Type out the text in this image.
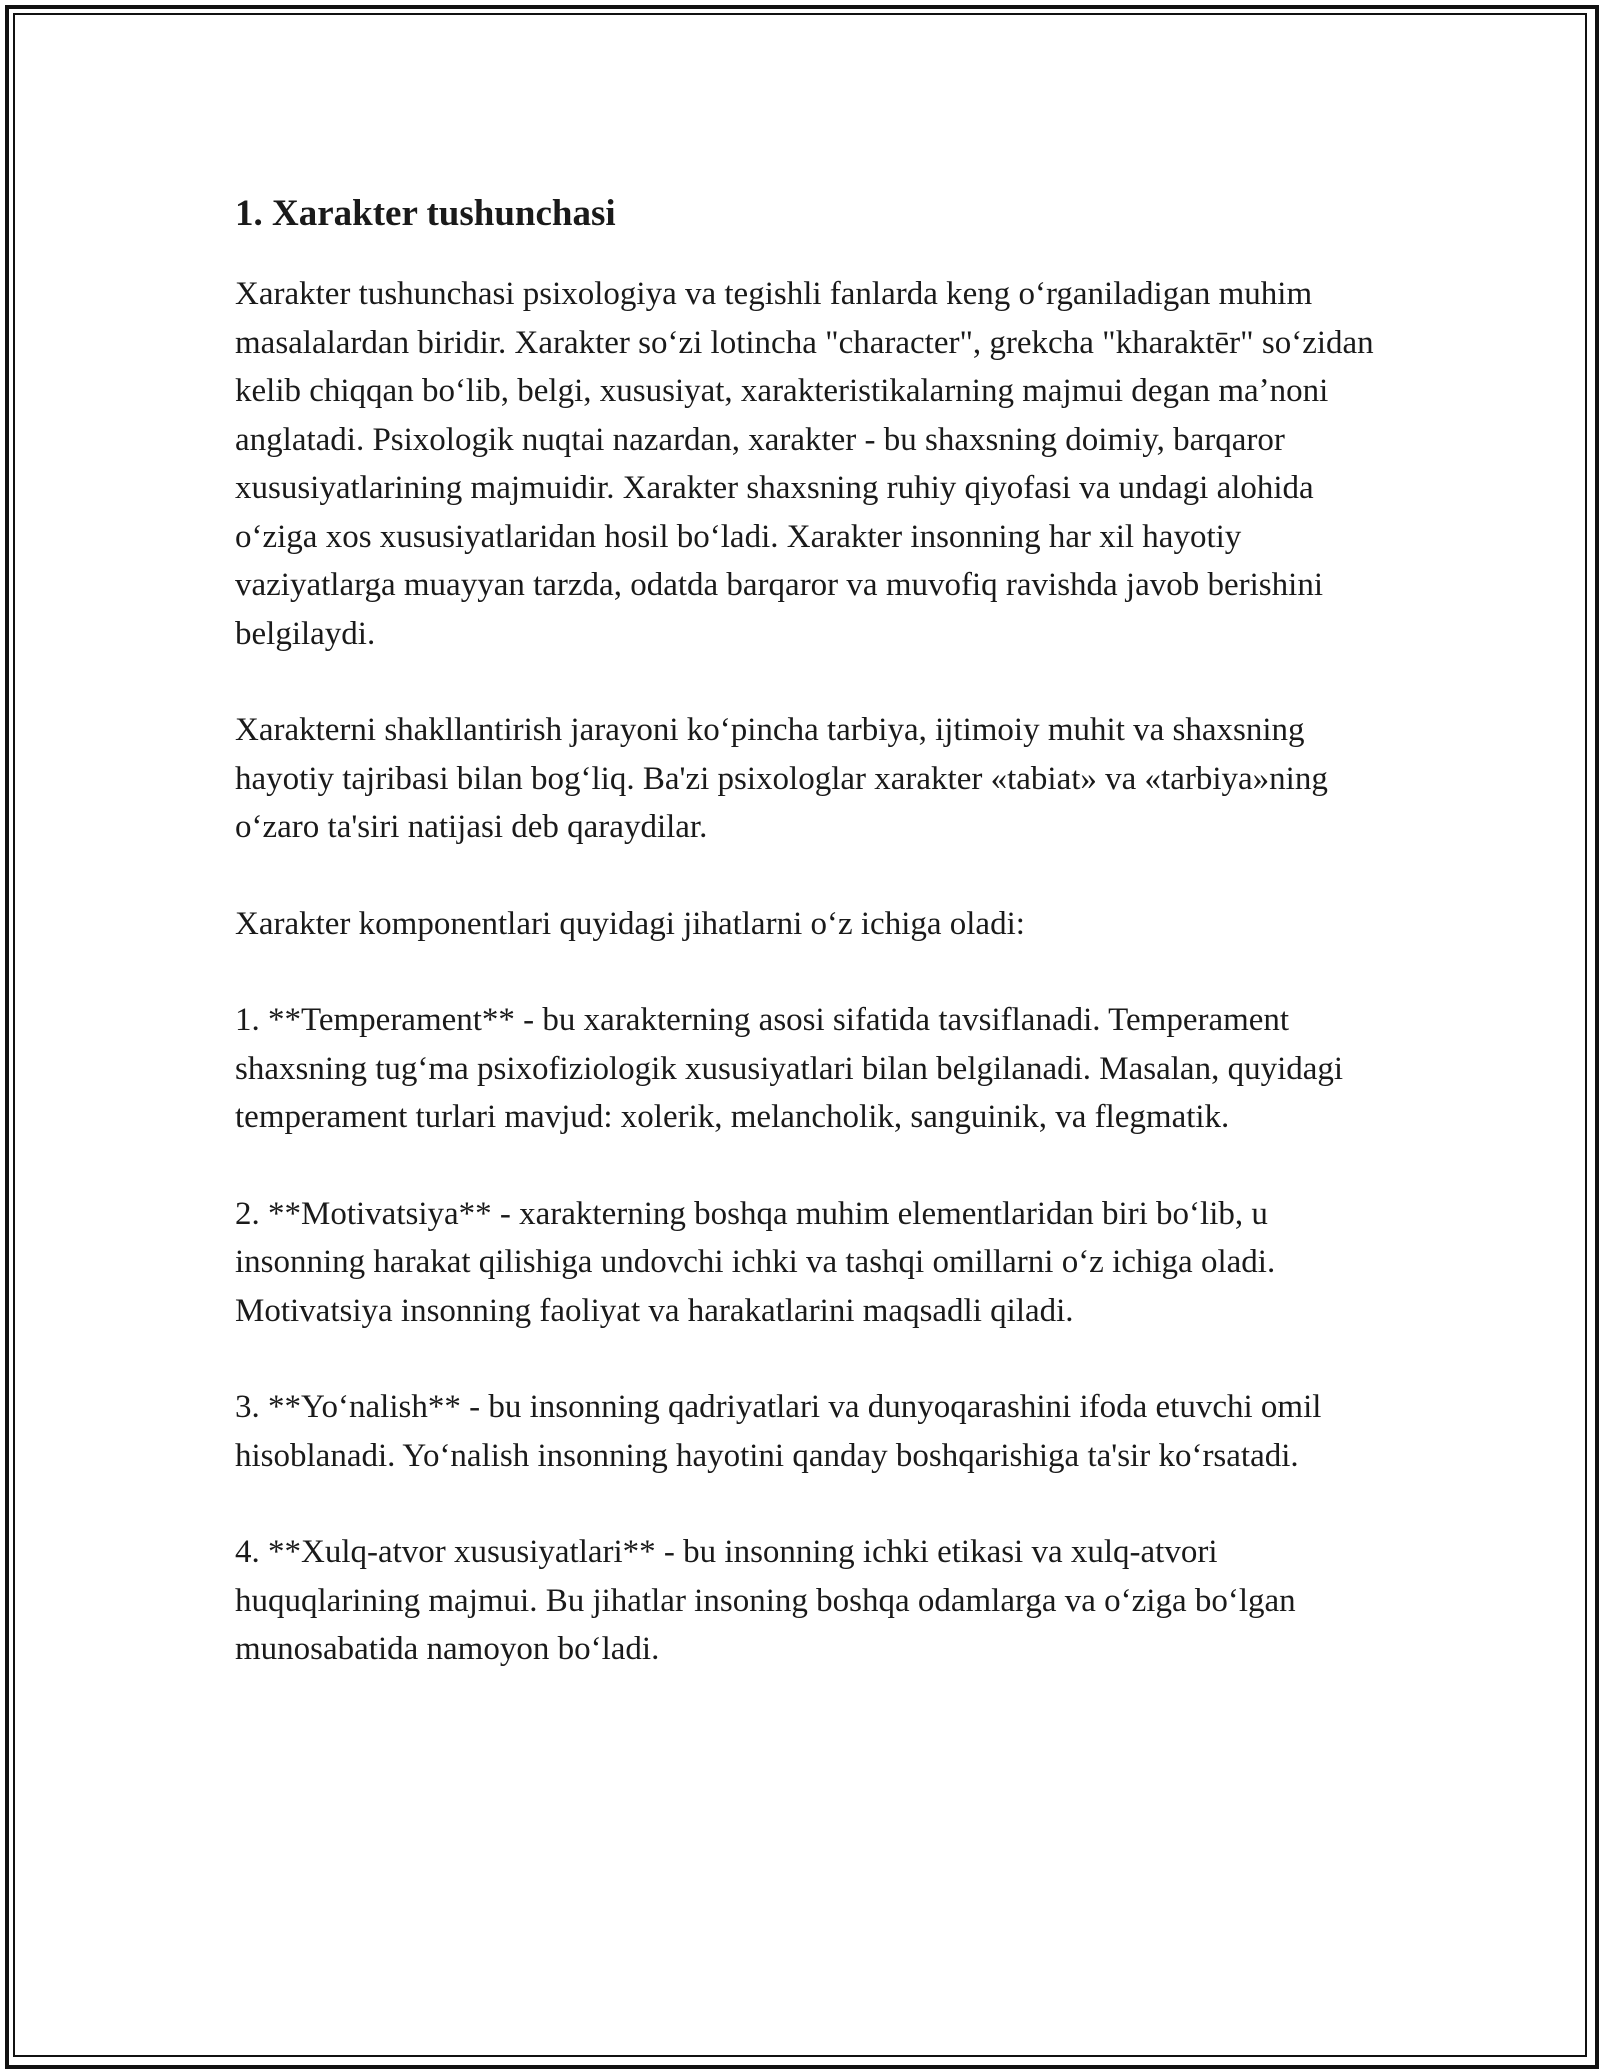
1. Xarakter tushunchasi

Xarakter tushunchasi psixologiya va tegishli fanlarda keng oʻrganiladigan muhim masalalardan biridir. Xarakter soʻzi lotincha "character", grekcha "kharaktēr" soʻzidan kelib chiqqan boʻlib, belgi, xususiyat, xarakteristikalarning majmui degan maʼnoni anglatadi. Psixologik nuqtai nazardan, xarakter - bu shaxsning doimiy, barqaror xususiyatlarining majmuidir. Xarakter shaxsning ruhiy qiyofasi va undagi alohida oʻziga xos xususiyatlaridan hosil boʻladi. Xarakter insonning har xil hayotiy vaziyatlarga muayyan tarzda, odatda barqaror va muvofiq ravishda javob berishini belgilaydi.

Xarakterni shakllantirish jarayoni koʻpincha tarbiya, ijtimoiy muhit va shaxsning hayotiy tajribasi bilan bogʻliq. Ba'zi psixologlar xarakter «tabiat» va «tarbiya»ning oʻzaro ta'siri natijasi deb qaraydilar.

Xarakter komponentlari quyidagi jihatlarni oʻz ichiga oladi:

1. **Temperament** - bu xarakterning asosi sifatida tavsiflanadi. Temperament shaxsning tugʻma psixofiziologik xususiyatlari bilan belgilanadi. Masalan, quyidagi temperament turlari mavjud: xolerik, melancholik, sanguinik, va flegmatik.

2. **Motivatsiya** - xarakterning boshqa muhim elementlaridan biri boʻlib, u insonning harakat qilishiga undovchi ichki va tashqi omillarni oʻz ichiga oladi. Motivatsiya insonning faoliyat va harakatlarini maqsadli qiladi.

3. **Yoʻnalish** - bu insonning qadriyatlari va dunyoqarashini ifoda etuvchi omil hisoblanadi. Yoʻnalish insonning hayotini qanday boshqarishiga ta'sir koʻrsatadi.

4. **Xulq-atvor xususiyatlari** - bu insonning ichki etikasi va xulq-atvori huquqlarining majmui. Bu jihatlar insoning boshqa odamlarga va oʻziga boʻlgan munosabatida namoyon boʻladi.
